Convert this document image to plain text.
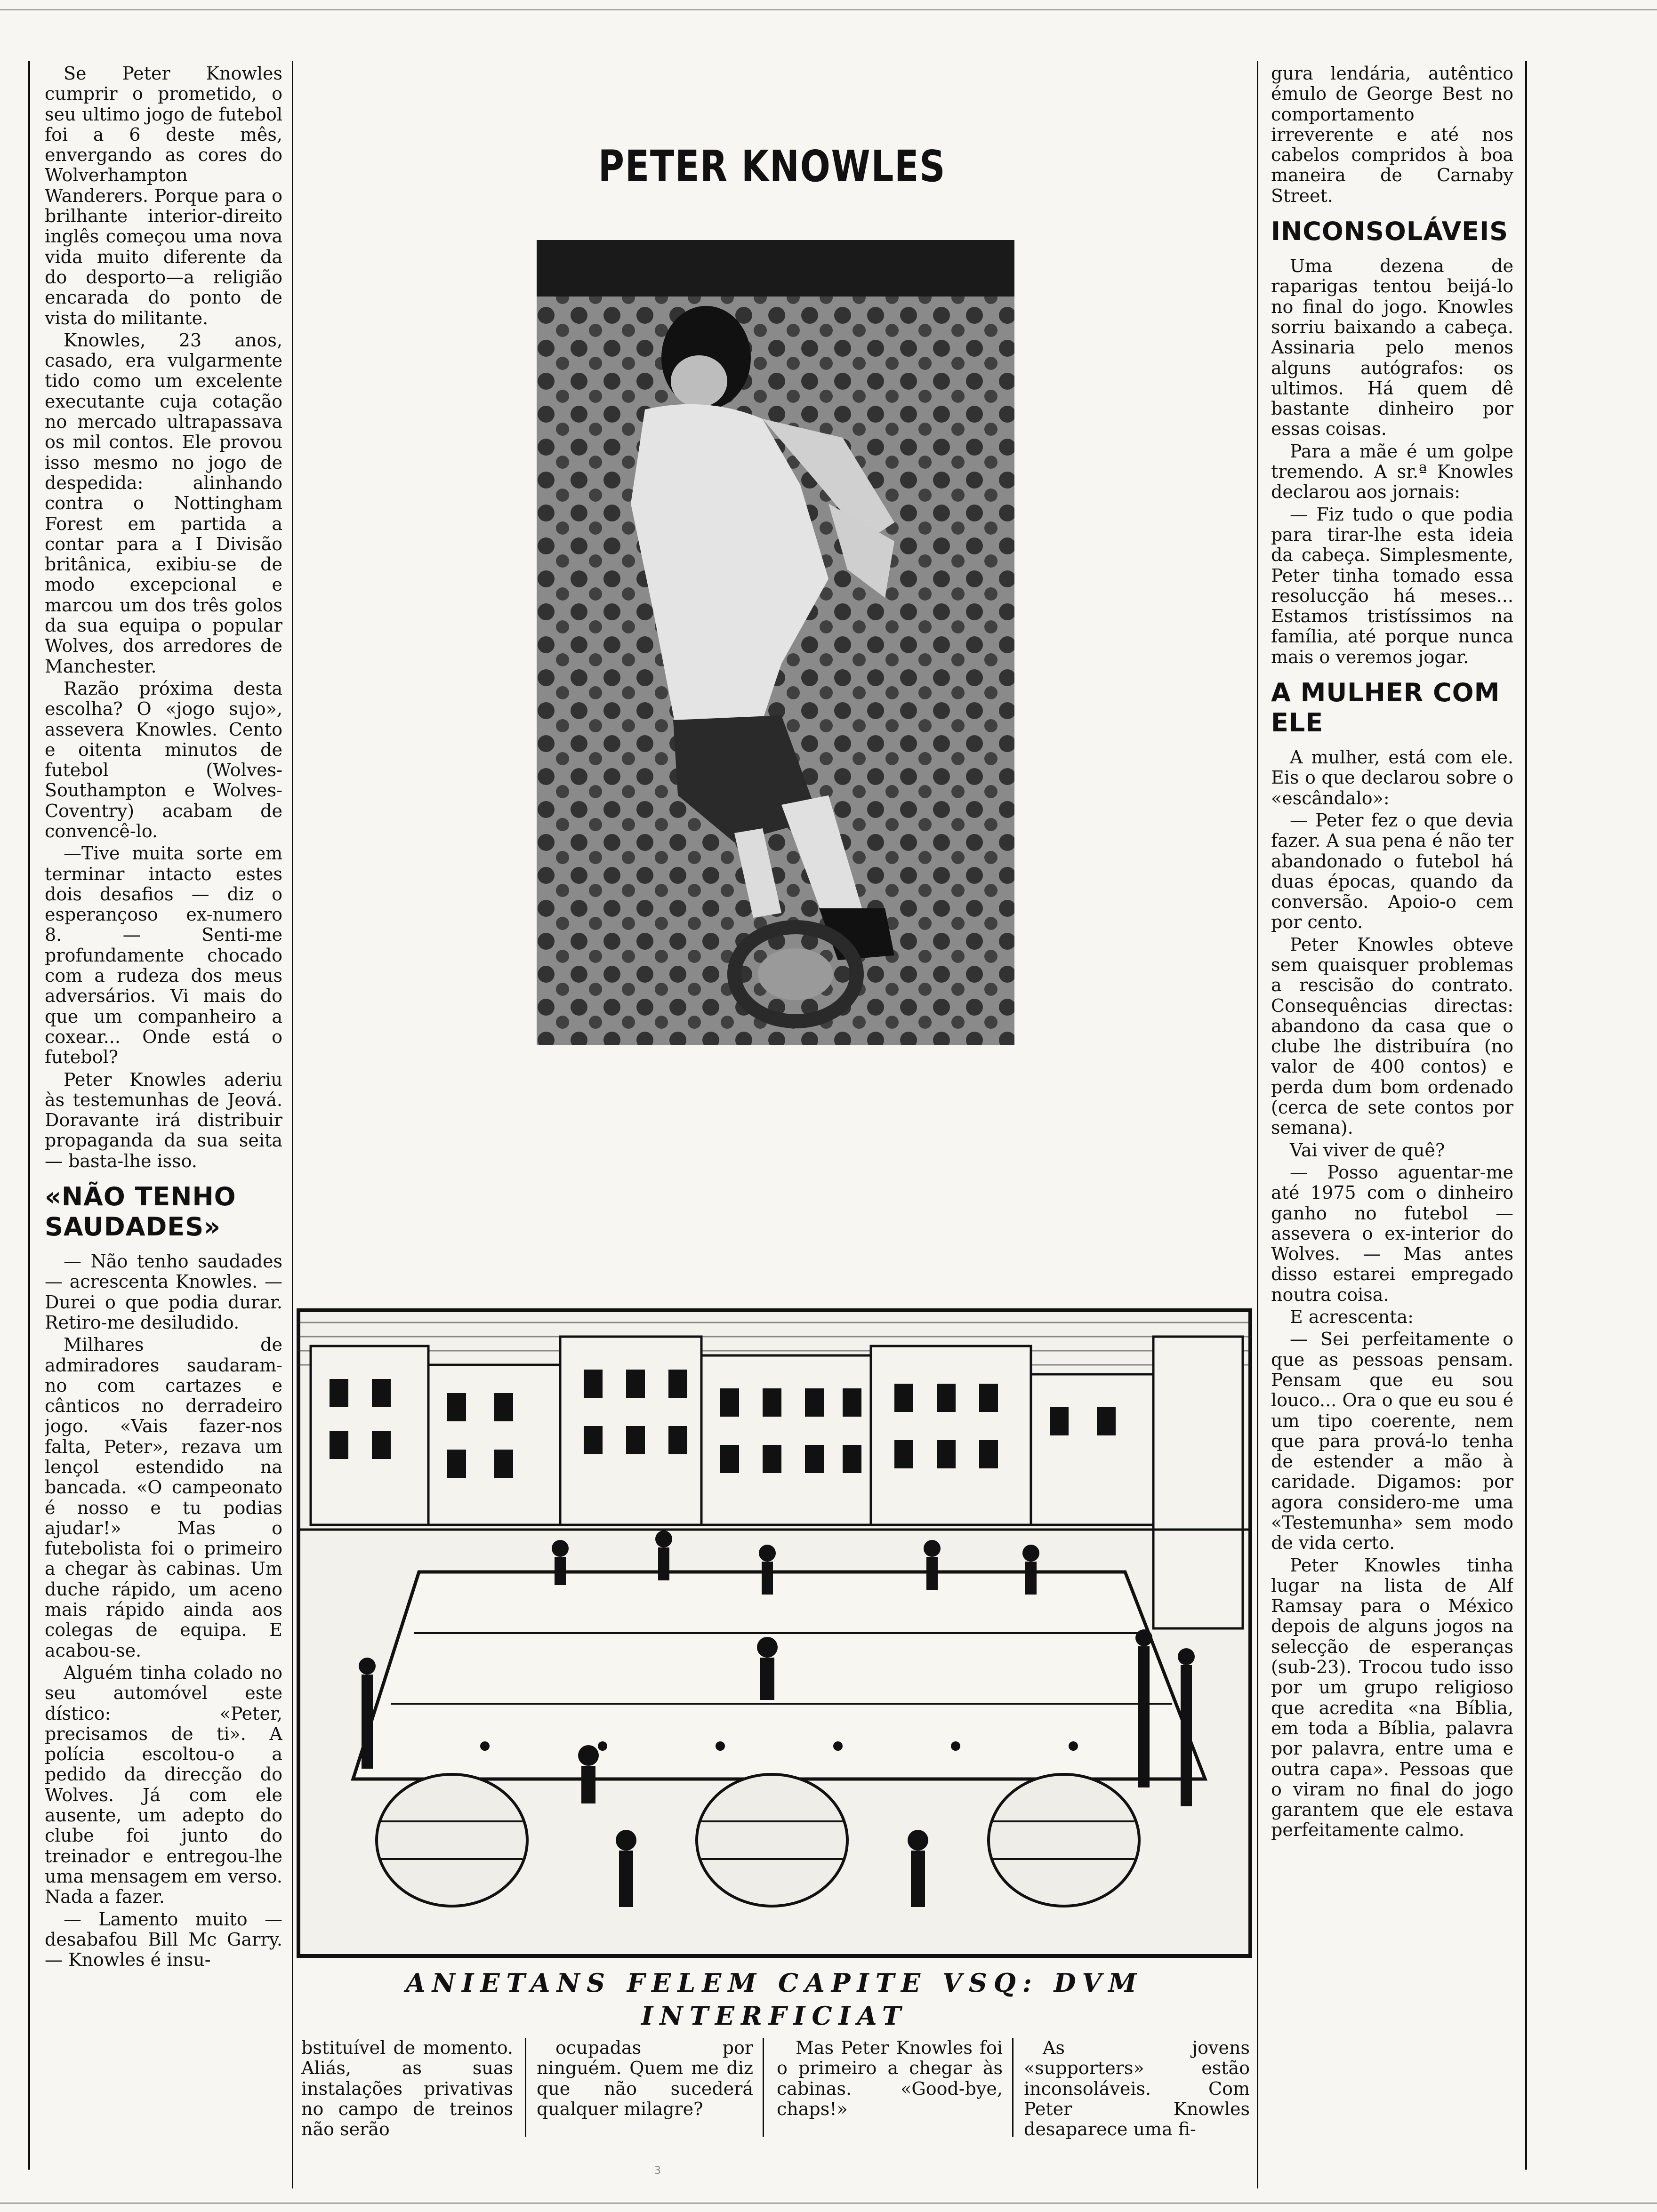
Se Peter Knowles cumprir o prometido, o seu ultimo jogo de futebol foi a 6 deste mês, envergando as cores do Wolverhampton Wanderers. Porque para o brilhante interior-direito inglês começou uma nova vida muito diferente da do desporto—a religião encarada do ponto de vista do militante.

Knowles, 23 anos, casado, era vulgarmente tido como um excelente executante cuja cotação no mercado ultrapassava os mil contos. Ele provou isso mesmo no jogo de despedida: alinhando contra o Nottingham Forest em partida a contar para a I Divisão britânica, exibiu-se de modo excepcional e marcou um dos três golos da sua equipa o popular Wolves, dos arredores de Manchester.

Razão próxima desta escolha? O «jogo sujo», assevera Knowles. Cento e oitenta minutos de futebol (Wolves-Southampton e Wolves-Coventry) acabam de convencê-lo.

—Tive muita sorte em terminar intacto estes dois desafios — diz o esperançoso ex-numero 8. — Senti-me profundamente chocado com a rudeza dos meus adversários. Vi mais do que um companheiro a coxear... Onde está o futebol?

Peter Knowles aderiu às testemunhas de Jeová. Doravante irá distribuir propaganda da sua seita — basta-lhe isso.

«NÃO TENHO SAUDADES»

— Não tenho saudades — acrescenta Knowles. — Durei o que podia durar. Retiro-me desiludido.

Milhares de admiradores saudaram-no com cartazes e cânticos no derradeiro jogo. «Vais fazer-nos falta, Peter», rezava um lençol estendido na bancada. «O campeonato é nosso e tu podias ajudar!» Mas o futebolista foi o primeiro a chegar às cabinas. Um duche rápido, um aceno mais rápido ainda aos colegas de equipa. E acabou-se.

Alguém tinha colado no seu automóvel este dístico: «Peter, precisamos de ti». A polícia escoltou-o a pedido da direcção do Wolves. Já com ele ausente, um adepto do clube foi junto do treinador e entregou-lhe uma mensagem em verso. Nada a fazer.

— Lamento muito — desabafou Bill Mc Garry. — Knowles é insu-

PETER KNOWLES

gura lendária, autêntico émulo de George Best no comportamento irreverente e até nos cabelos compridos à boa maneira de Carnaby Street.

INCONSOLÁVEIS

Uma dezena de raparigas tentou beijá-lo no final do jogo. Knowles sorriu baixando a cabeça. Assinaria pelo menos alguns autógrafos: os ultimos. Há quem dê bastante dinheiro por essas coisas.

Para a mãe é um golpe tremendo. A sr.ª Knowles declarou aos jornais:

— Fiz tudo o que podia para tirar-lhe esta ideia da cabeça. Simplesmente, Peter tinha tomado essa resolucção há meses... Estamos tristíssimos na família, até porque nunca mais o veremos jogar.

A MULHER COM ELE

A mulher, está com ele. Eis o que declarou sobre o «escândalo»:

— Peter fez o que devia fazer. A sua pena é não ter abandonado o futebol há duas épocas, quando da conversão. Apoio-o cem por cento.

Peter Knowles obteve sem quaisquer problemas a rescisão do contrato. Consequências directas: abandono da casa que o clube lhe distribuíra (no valor de 400 contos) e perda dum bom ordenado (cerca de sete contos por semana).

Vai viver de quê?

— Posso aguentar-me até 1975 com o dinheiro ganho no futebol — assevera o ex-interior do Wolves. — Mas antes disso estarei empregado noutra coisa.

E acrescenta:

— Sei perfeitamente o que as pessoas pensam. Pensam que eu sou louco... Ora o que eu sou é um tipo coerente, nem que para prová-lo tenha de estender a mão à caridade. Digamos: por agora considero-me uma «Testemunha» sem modo de vida certo.

Peter Knowles tinha lugar na lista de Alf Ramsay para o México depois de alguns jogos na selecção de esperanças (sub-23). Trocou tudo isso por um grupo religioso que acredita «na Bíblia, em toda a Bíblia, palavra por palavra, entre uma e outra capa». Pessoas que o viram no final do jogo garantem que ele estava perfeitamente calmo.

ANIETANS FELEM CAPITE VSQ: DVM INTERFICIAT

bstituível de momento. Aliás, as suas instalações privativas no campo de treinos não serão

ocupadas por ninguém. Quem me diz que não sucederá qualquer milagre?

Mas Peter Knowles foi o primeiro a chegar às cabinas. «Good-bye, chaps!»

As jovens «supporters» estão inconsoláveis. Com Peter Knowles desaparece uma fi-

3
